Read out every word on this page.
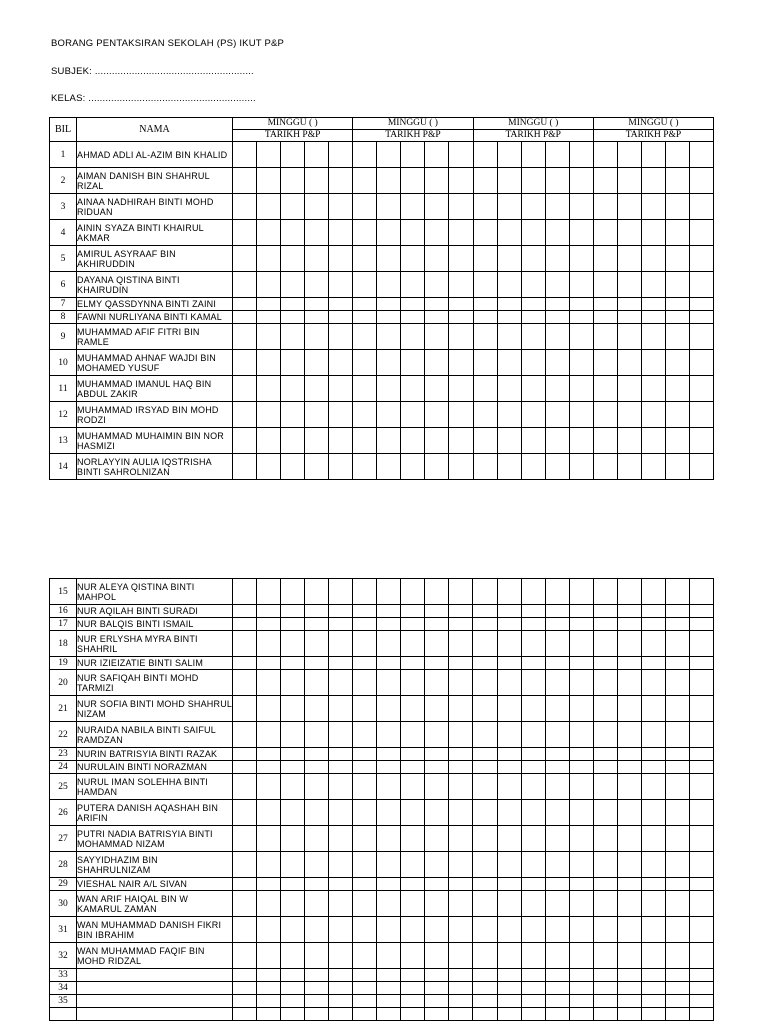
BORANG PENTAKSIRAN SEKOLAH (PS) IKUT P&P
SUBJEK: ........................................................
KELAS: ...........................................................
BIL	NAMA	MINGGU ( )					MINGGU ( )					MINGGU ( )					MINGGU ( )				
		TARIKH P&P					TARIKH P&P					TARIKH P&P					TARIKH P&P				
1	AHMAD ADLI AL-AZIM BIN KHALID																				

2	AIMAN DANISH BIN SHAHRUL RIZAL																				

3	AINAA NADHIRAH BINTI MOHD RIDUAN																				

4	AININ SYAZA BINTI KHAIRUL AKMAR																				

5	AMIRUL ASYRAAF BIN AKHIRUDDIN																				

6	DAYANA QISTINA BINTI KHAIRUDIN																				

7	ELMY QASSDYNNA BINTI ZAINI																				

8	FAWNI NURLIYANA BINTI KAMAL																				

9	MUHAMMAD AFIF FITRI BIN RAMLE																				

10	MUHAMMAD AHNAF WAJDI BIN MOHAMED YUSUF																				

11	MUHAMMAD IMANUL HAQ BIN ABDUL ZAKIR																				

12	MUHAMMAD IRSYAD BIN MOHD RODZI																				

13	MUHAMMAD MUHAIMIN BIN NOR HASMIZI																				

14	NORLAYYIN AULIA IQSTRISHA BINTI SAHROLNIZAN																				

15	NUR ALEYA QISTINA BINTI MAHPOL																				

16	NUR AQILAH BINTI SURADI																				

17	NUR BALQIS BINTI ISMAIL																				

18	NUR ERLYSHA MYRA BINTI SHAHRIL																				

19	NUR IZIEIZATIE BINTI SALIM																				

20	NUR SAFIQAH BINTI MOHD TARMIZI																				

21	NUR SOFIA BINTI MOHD SHAHRUL NIZAM																				

22	NURAIDA NABILA BINTI SAIFUL RAMDZAN																				

23	NURIN BATRISYIA BINTI RAZAK																				

24	NURULAIN BINTI NORAZMAN																				

25	NURUL IMAN SOLEHHA BINTI HAMDAN																				

26	PUTERA DANISH AQASHAH BIN ARIFIN																				

27	PUTRI NADIA BATRISYIA BINTI MOHAMMAD NIZAM																				

28	SAYYIDHAZIM BIN SHAHRULNIZAM																				

29	VIESHAL NAIR A/L SIVAN																				

30	WAN ARIF HAIQAL BIN W KAMARUL ZAMAN																				

31	WAN MUHAMMAD DANISH FIKRI BIN IBRAHIM																				

32	WAN MUHAMMAD FAQIF BIN MOHD RIDZAL																				

33	

34	

35	
